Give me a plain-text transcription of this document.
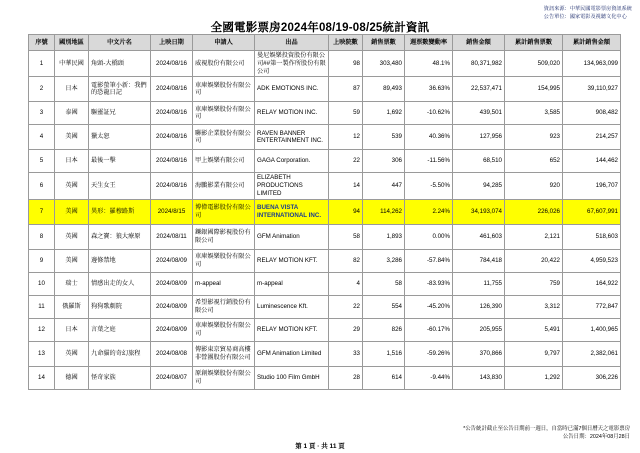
資訊來源：中華民國電影票房資訊系統
公告單位：國家電影及視聽文化中心
全國電影票房2024年08/19-08/25統計資訊
序號	國別地區	中文片名	上映日期	申請人	出品	上映院數	銷售票數	週票數變動率	銷售金額	累計銷售票數	累計銷售金額
1	中華民國	角頭-大橋頭	2024/08/16	威視股份有限公司	曼尼娛樂投資股份有限公司##第一製作所股份有限公司	98	303,480	48.1%	80,371,982	509,020	134,963,099
2	日本	電影螢筆小新：我們的恐龍日記	2024/08/16	車庫娛樂股份有限公司	ADK EMOTIONS INC.	87	89,493	36.63%	22,537,471	154,995	39,110,927
3	泰國	驅靈証兄	2024/08/16	車庫娛樂股份有限公司	RELAY MOTION INC.	59	1,692	-10.62%	439,501	3,585	908,482
4	美國	獵太恕	2024/08/16	聯影企業股份有限公司	RAVEN BANNER ENTERTAINMENT INC.	12	539	40.36%	127,956	923	214,257
5	日本	最後一擊	2024/08/16	甲上娛樂有限公司	GAGA Corporation.	22	306	-11.56%	68,510	652	144,462
6	英國	天生女王	2024/08/16	海鵬影業有限公司	ELIZABETH PRODUCTIONS LIMITED	14	447	-5.50%	94,285	920	196,707
7	美國	異形：羅穆路斯	2024/8/15	博偉電影股份有限公司	BUENA VISTA INTERNATIONAL INC.	94	114,262	2.24%	34,193,074	226,026	67,607,991
8	英國	森之寶：狼大療原	2024/08/11	鑠銀國際影視股份有限公司	GFM Animation	58	1,893	0.00%	461,603	2,121	518,603
9	美國	邊條禁地	2024/08/09	車庫娛樂股份有限公司	RELAY MOTION KFT.	82	3,286	-57.84%	784,418	20,422	4,959,523
10	瑞士	情感出走的女人	2024/08/09	m-appeal	m-appeal	4	58	-83.93%	11,755	759	164,922
11	俄羅斯	狗狗歌劇院	2024/08/09	希望影視行銷股份有限公司	Luminescence Kft.	22	554	-45.20%	126,390	3,312	772,847
12	日本	言葉之庭	2024/08/09	車庫娛樂股份有限公司	RELAY MOTION KFT.	29	826	-60.17%	205,955	5,491	1,400,965
13	英國	九命貓的奇幻旅程	2024/08/08	傳影東京貿易商高樓非營團股份有限公司	GFM Animation Limited	33	1,516	-59.26%	370,866	9,797	2,382,061
14	德國	怪奇家族	2024/08/07	原創娛樂股份有限公司	Studio 100 Film GmbH	28	614	-9.44%	143,830	1,292	306,226
第 1 頁 · 共 11 頁
*公告統計截止至公告日期前一週日，自當時已滿7個日曆天之電影票房
公告日期：2024年08月28日
